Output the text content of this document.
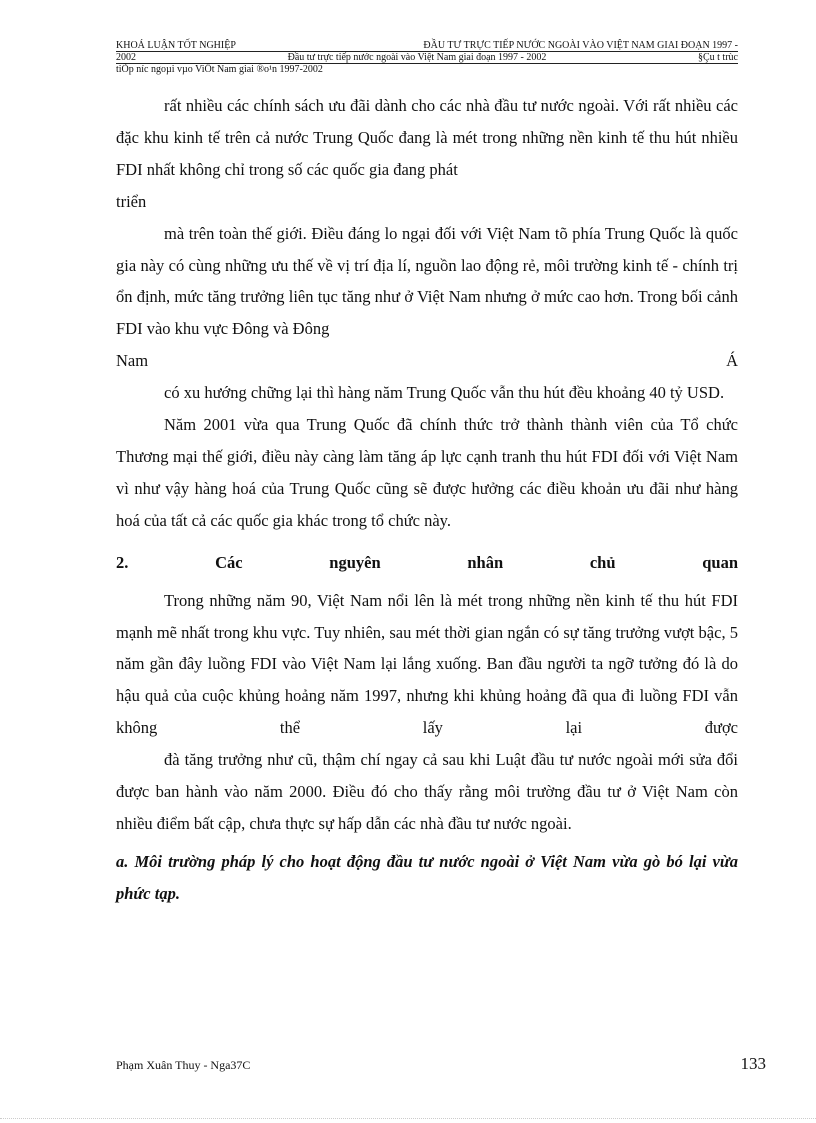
KHOÁ LUẬN TỐT NGHIỆP	ĐẦU TƯ TRỰC TIẾP NƯỚC NGOÀI VÀO VIỆT NAM GIAI ĐOẠN 1997 -
2002	Đầu tư trực tiếp nước ngoài vào Việt Nam giai đoạn 1997 - 2002	§Çu t trùc
tiÕp níc ngoµi vµo ViÖt Nam giai ®o¹n 1997-2002

rất nhiều các chính sách ưu đãi dành cho các nhà đầu tư nước ngoài. Với rất nhiều các đặc khu kinh tế trên cả nước Trung Quốc đang là mét trong những nền kinh tế thu hút nhiều FDI nhất không chỉ trong số các quốc gia đang phát

triển

mà trên toàn thế giới. Điều đáng lo ngại đối với Việt Nam tõ phía Trung Quốc là quốc gia này có cùng những ưu thế về vị trí địa lí, nguồn lao động rẻ, môi trường kinh tế - chính trị ổn định, mức tăng trưởng liên tục tăng như ở Việt Nam nhưng ở mức cao hơn. Trong bối cảnh FDI vào khu vực Đông và Đông

Nam	Á

có xu hướng chững lại thì hàng năm Trung Quốc vẫn thu hút đều khoảng 40 tỷ USD.

Năm 2001 vừa qua Trung Quốc đã chính thức trở thành thành viên của Tổ chức Thương mại thế giới, điều này càng làm tăng áp lực cạnh tranh thu hút FDI đối với Việt Nam vì như vậy hàng hoá của Trung Quốc cũng sẽ được hưởng các điều khoản ưu đãi như hàng hoá của tất cả các quốc gia khác trong tổ chức này.

2.	Các	nguyên	nhân	chủ	quan

Trong những năm 90, Việt Nam nổi lên là mét trong những nền kinh tế thu hút FDI mạnh mẽ nhất trong khu vực. Tuy nhiên, sau mét thời gian ngắn có sự tăng trưởng vượt bậc, 5 năm gần đây luồng FDI vào Việt Nam lại lắng xuống. Ban đầu người ta ngỡ tưởng đó là do hậu quả của cuộc khủng hoảng năm 1997, nhưng khi khủng hoảng đã qua đi luồng FDI vẫn không thể lấy lại được

đà tăng trưởng như cũ, thậm chí ngay cả sau khi Luật đầu tư nước ngoài mới sửa đổi được ban hành vào năm 2000. Điều đó cho thấy rằng môi trường đầu tư ở Việt Nam còn nhiều điểm bất cập, chưa thực sự hấp dẫn các nhà đầu tư nước ngoài.

a. Môi trường pháp lý cho hoạt động đầu tư nước ngoài ở Việt Nam vừa gò bó lại vừa phức tạp.

Phạm Xuân Thuy - Nga37C	133
